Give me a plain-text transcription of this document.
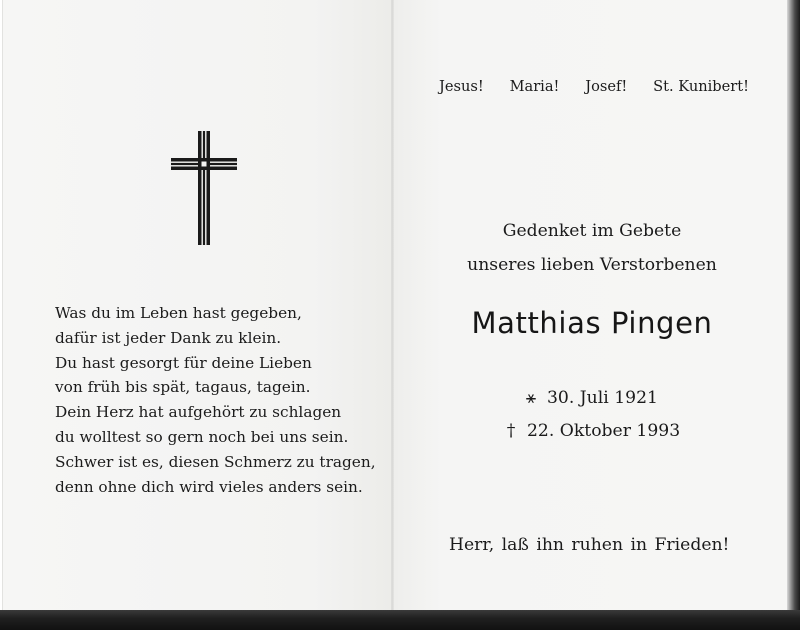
Was du im Leben hast gegeben,
dafür ist jeder Dank zu klein.
Du hast gesorgt für deine Lieben
von früh bis spät, tagaus, tagein.
Dein Herz hat aufgehört zu schlagen
du wolltest so gern noch bei uns sein.
Schwer ist es, diesen Schmerz zu tragen,
denn ohne dich wird vieles anders sein.
Jesus! Maria! Josef! St. Kunibert!
Gedenket im Gebete
unseres lieben Verstorbenen
Matthias Pingen
⚹ 30. Juli 1921
† 22. Oktober 1993
Herr, laß ihn ruhen in Frieden!
